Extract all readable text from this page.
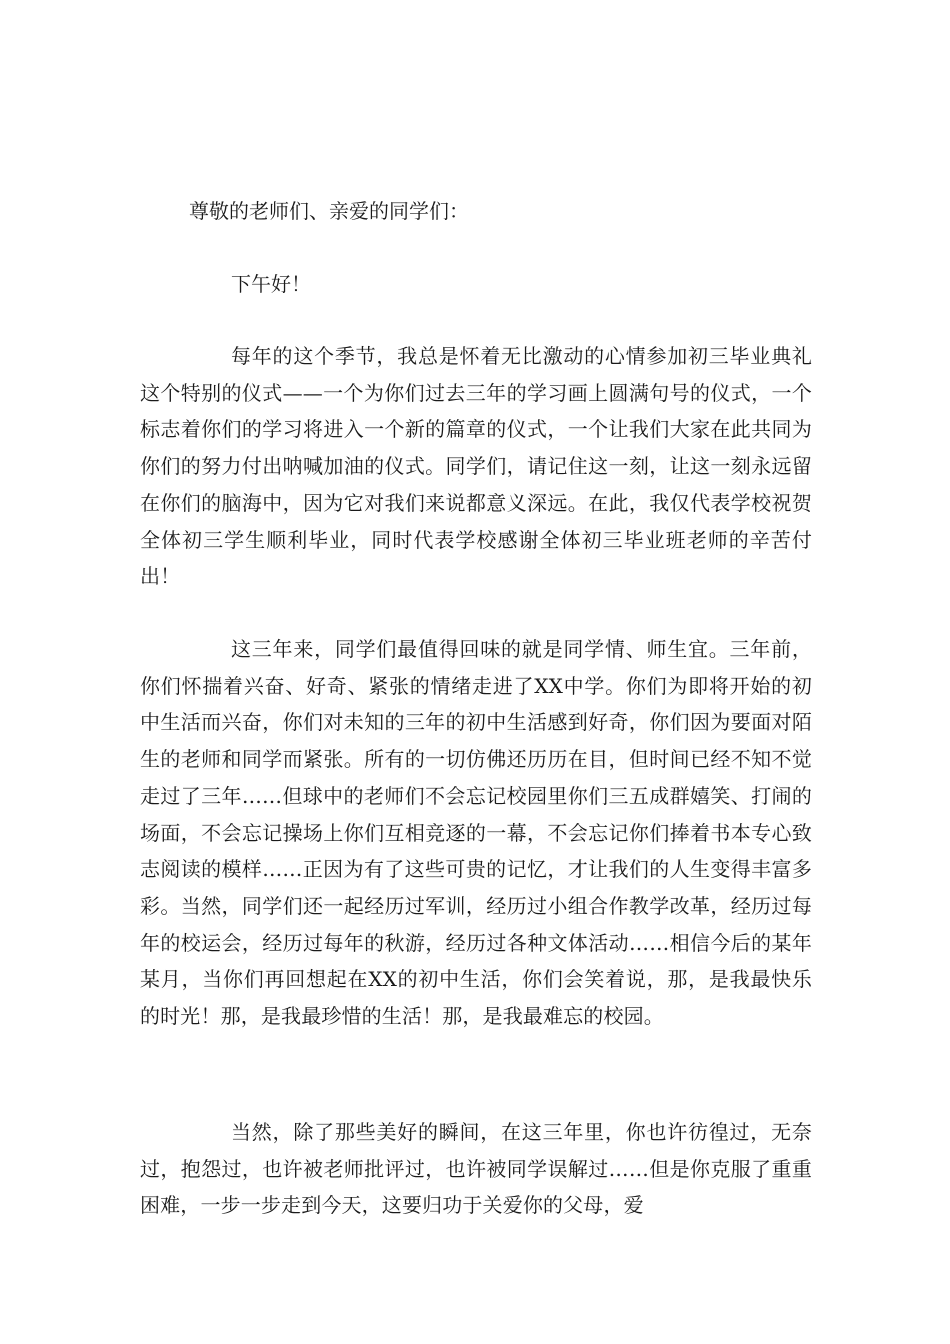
尊敬的老师们、亲爱的同学们：
下午好！

每年的这个季节，我总是怀着无比激动的心情参加初三毕业典礼这个特别的仪式——一个为你们过去三年的学习画上圆满句号的仪式，一个标志着你们的学习将进入一个新的篇章的仪式，一个让我们大家在此共同为你们的努力付出呐喊加油的仪式。同学们，请记住这一刻，让这一刻永远留在你们的脑海中，因为它对我们来说都意义深远。在此，我仅代表学校祝贺全体初三学生顺利毕业，同时代表学校感谢全体初三毕业班老师的辛苦付出！

这三年来，同学们最值得回味的就是同学情、师生宜。三年前，你们怀揣着兴奋、好奇、紧张的情绪走进了XX中学。你们为即将开始的初中生活而兴奋，你们对未知的三年的初中生活感到好奇，你们因为要面对陌生的老师和同学而紧张。所有的一切仿佛还历历在目，但时间已经不知不觉走过了三年……但球中的老师们不会忘记校园里你们三五成群嬉笑、打闹的场面，不会忘记操场上你们互相竞逐的一幕，不会忘记你们捧着书本专心致志阅读的模样……正因为有了这些可贵的记忆，才让我们的人生变得丰富多彩。当然，同学们还一起经历过军训，经历过小组合作教学改革，经历过每年的校运会，经历过每年的秋游，经历过各种文体活动……相信今后的某年某月，当你们再回想起在XX的初中生活，你们会笑着说，那，是我最快乐的时光！那，是我最珍惜的生活！那，是我最难忘的校园。

当然，除了那些美好的瞬间，在这三年里，你也许彷徨过，无奈过，抱怨过，也许被老师批评过，也许被同学误解过……但是你克服了重重困难，一步一步走到今天，这要归功于关爱你的父母，爱
